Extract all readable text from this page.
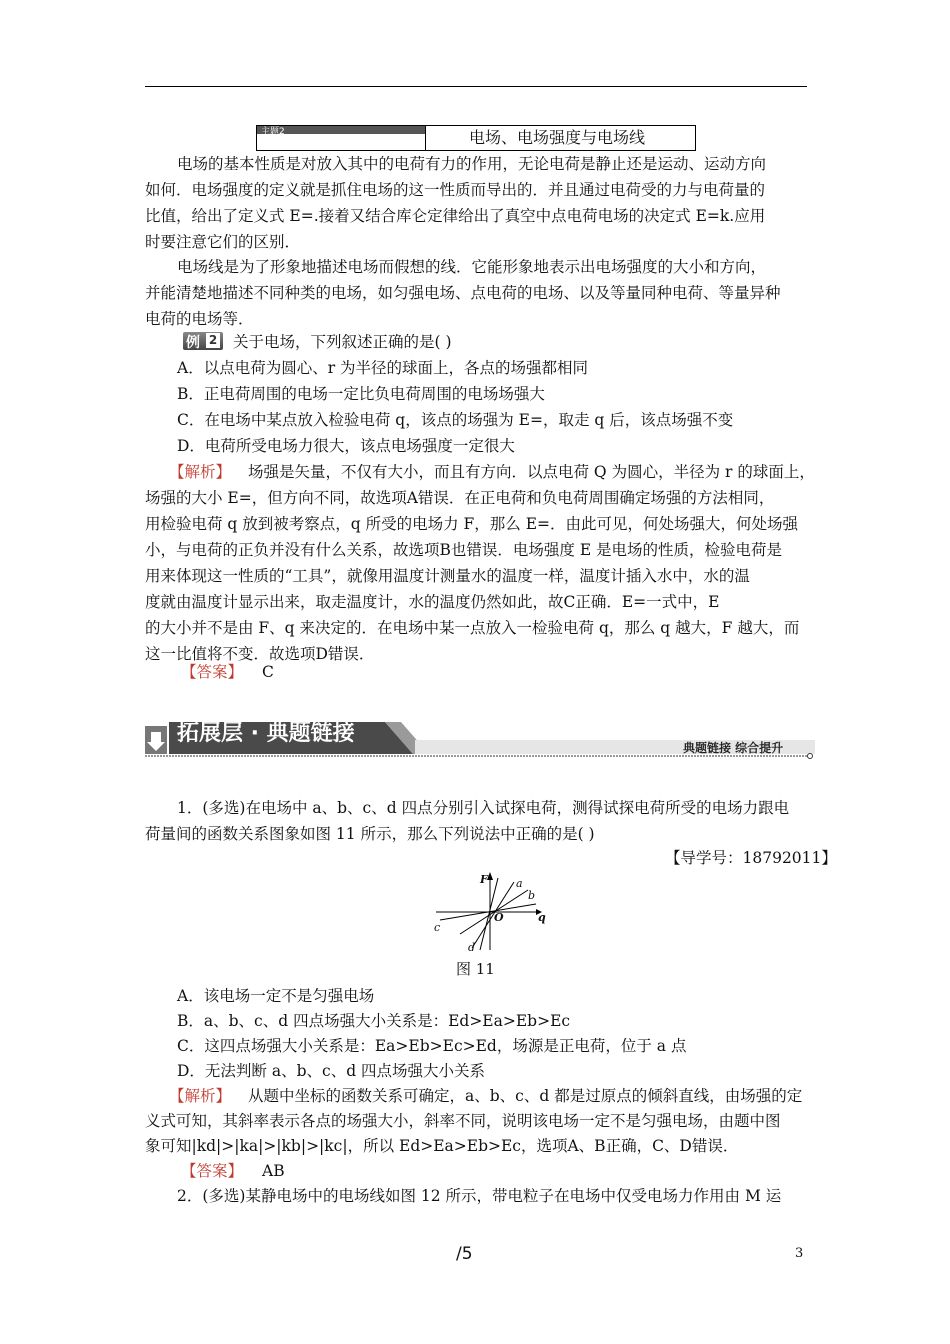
主题2	电场、电场强度与电场线
电场的基本性质是对放入其中的电荷有力的作用，无论电荷是静止还是运动、运动方向
如何．电场强度的定义就是抓住电场的这一性质而导出的．并且通过电荷受的力与电荷量的
比值，给出了定义式 E=.接着又结合库仑定律给出了真空中点电荷电场的决定式 E=k.应用
时要注意它们的区别．
电场线是为了形象地描述电场而假想的线．它能形象地表示出电场强度的大小和方向，
并能清楚地描述不同种类的电场，如匀强电场、点电荷的电场、以及等量同种电荷、等量异种
电荷的电场等．
例 2 关于电场，下列叙述正确的是( )
A．以点电荷为圆心、r 为半径的球面上，各点的场强都相同
B．正电荷周围的电场一定比负电荷周围的电场场强大
C．在电场中某点放入检验电荷 q，该点的场强为 E=，取走 q 后，该点场强不变
D．电荷所受电场力很大，该点电场强度一定很大
【解析】 场强是矢量，不仅有大小，而且有方向．以点电荷 Q 为圆心，半径为 r 的球面上，
场强的大小 E=，但方向不同，故选项A错误．在正电荷和负电荷周围确定场强的方法相同，
用检验电荷 q 放到被考察点，q 所受的电场力 F，那么 E=．由此可见，何处场强大，何处场强
小，与电荷的正负并没有什么关系，故选项B也错误．电场强度 E 是电场的性质，检验电荷是
用来体现这一性质的“工具”，就像用温度计测量水的温度一样，温度计插入水中，水的温
度就由温度计显示出来，取走温度计，水的温度仍然如此，故C正确．E=一式中，E
的大小并不是由 F、q 来决定的．在电场中某一点放入一检验电荷 q，那么 q 越大，F 越大，而
这一比值将不变．故选项D错误．
【答案】 C
拓展层 · 典题链接
典题链接 综合提升
1．(多选)在电场中 a、b、c、d 四点分别引入试探电荷，测得试探电荷所受的电场力跟电
荷量间的函数关系图象如图 11 所示，那么下列说法中正确的是( )
【导学号：18792011】
F	a
b
O	q
c
d
图 11
A．该电场一定不是匀强电场
B．a、b、c、d 四点场强大小关系是：Ed>Ea>Eb>Ec
C．这四点场强大小关系是：Ea>Eb>Ec>Ed，场源是正电荷，位于 a 点
D．无法判断 a、b、c、d 四点场强大小关系
【解析】 从题中坐标的函数关系可确定，a、b、c、d 都是过原点的倾斜直线，由场强的定
义式可知，其斜率表示各点的场强大小，斜率不同，说明该电场一定不是匀强电场，由题中图
象可知|kd|>|ka|>|kb|>|kc|，所以 Ed>Ea>Eb>Ec，选项A、B正确，C、D错误．
【答案】 AB
2．(多选)某静电场中的电场线如图 12 所示，带电粒子在电场中仅受电场力作用由 M 运
/5	3
